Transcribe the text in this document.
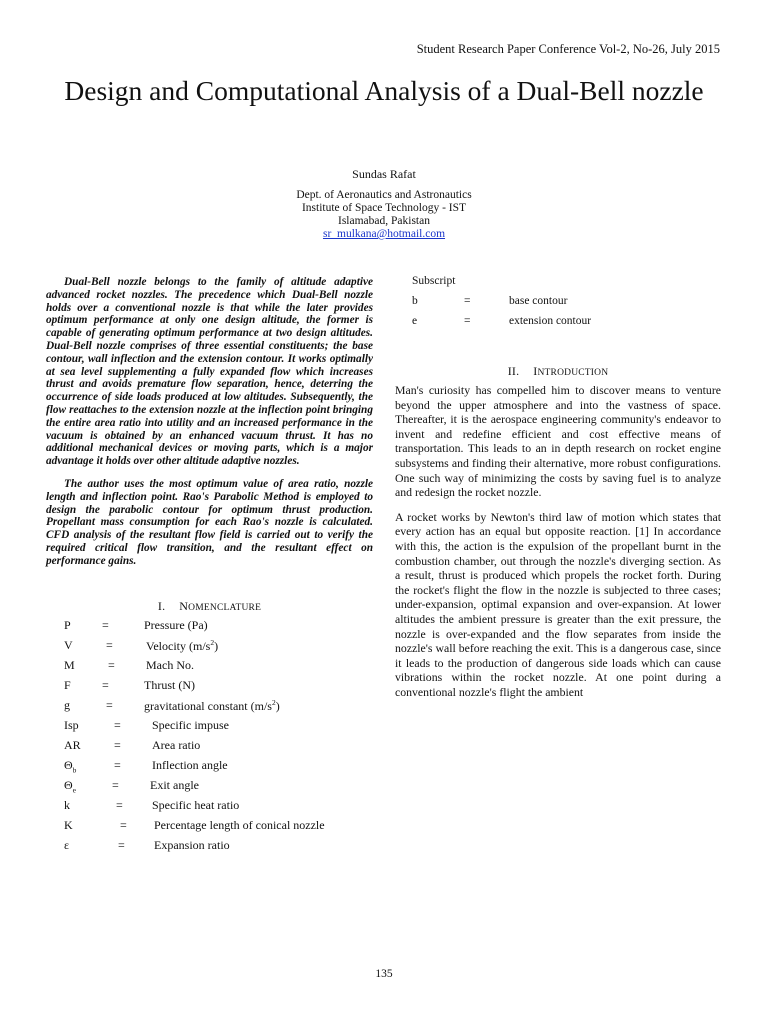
Student Research Paper Conference Vol-2, No-26, July 2015
Design and Computational Analysis of a Dual-Bell nozzle
Sundas Rafat
Dept. of Aeronautics and Astronautics
Institute of Space Technology - IST
Islamabad, Pakistan
sr_mulkana@hotmail.com

Dual-Bell nozzle belongs to the family of altitude adaptive advanced rocket nozzles. The precedence which Dual-Bell nozzle holds over a conventional nozzle is that while the later provides optimum performance at only one design altitude, the former is capable of generating optimum performance at two design altitudes. Dual-Bell nozzle comprises of three essential constituents; the base contour, wall inflection and the extension contour. It works optimally at sea level supplementing a fully expanded flow which increases thrust and avoids premature flow separation, hence, deterring the occurrence of side loads produced at low altitudes. Subsequently, the flow reattaches to the extension nozzle at the inflection point bringing the entire area ratio into utility and an increased performance in the vacuum is obtained by an enhanced vacuum thrust. It has no additional mechanical devices or moving parts, which is a major advantage it holds over other altitude adaptive nozzles.

The author uses the most optimum value of area ratio, nozzle length and inflection point. Rao's Parabolic Method is employed to design the parabolic contour for optimum thrust production. Propellant mass consumption for each Rao's nozzle is calculated. CFD analysis of the resultant flow field is carried out to verify the required critical flow transition, and the resultant effect on performance gains.

I. NOMENCLATURE
P	=	Pressure (Pa)
V	=	Velocity $(m/s^2)$
M	=	Mach No.
F	=	Thrust (N)
g	=	gravitational constant $(m/s^2)$
Isp	=	Specific impuse
AR	=	Area ratio
$\Theta_b$	=	Inflection angle
$\Theta_e$	=	Exit angle
k	= Specific heat ratio
K	= Percentage length of conical nozzle
ε	= Expansion ratio
Subscript
b	=	base contour
e	=	extension contour
II. INTRODUCTION

Man's curiosity has compelled him to discover means to venture beyond the upper atmosphere and into the vastness of space. Thereafter, it is the aerospace engineering community's endeavor to invent and redefine efficient and cost effective means of transportation. This leads to an in depth research on rocket engine subsystems and finding their alternative, more robust configurations. One such way of minimizing the costs by saving fuel is to analyze and redesign the rocket nozzle.

A rocket works by Newton's third law of motion which states that every action has an equal but opposite reaction. [1] In accordance with this, the action is the expulsion of the propellant burnt in the combustion chamber, out through the nozzle's diverging section. As a result, thrust is produced which propels the rocket forth. During the rocket's flight the flow in the nozzle is subjected to three cases; under-expansion, optimal expansion and over-expansion. At lower altitudes the ambient pressure is greater than the exit pressure, the nozzle is over-expanded and the flow separates from inside the nozzle's wall before reaching the exit. This is a dangerous case, since it leads to the production of dangerous side loads which can cause vibrations within the rocket nozzle. At one point during a conventional nozzle's flight the ambient

135
